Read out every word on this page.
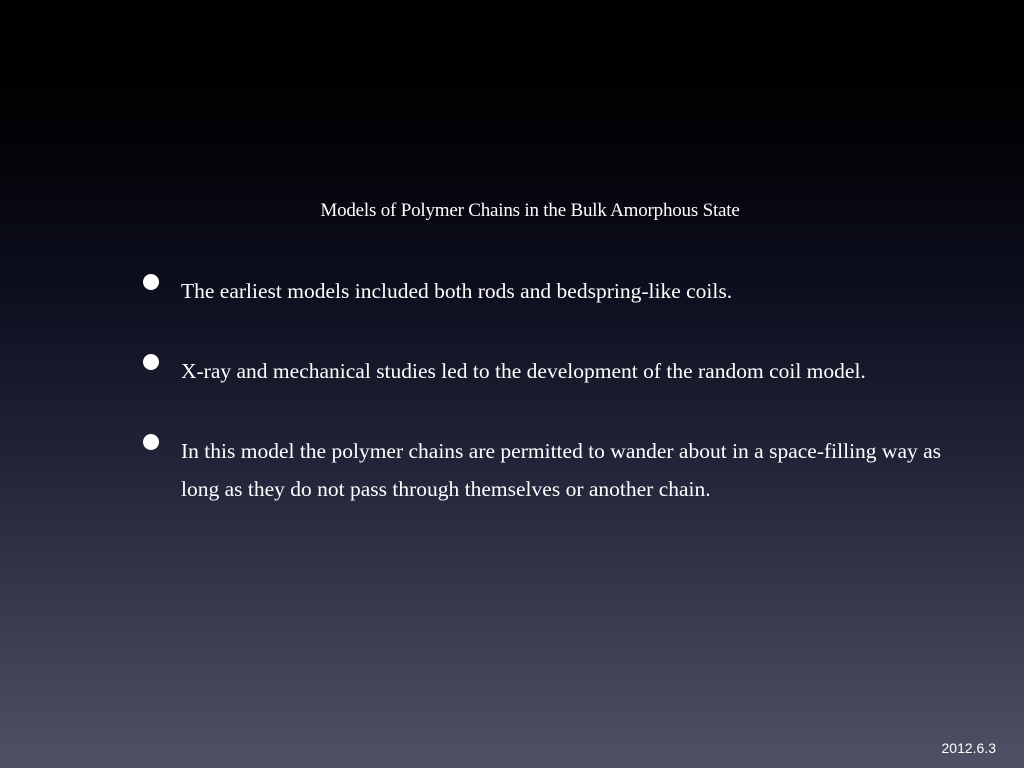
Models of Polymer Chains in the Bulk Amorphous State
The earliest models included both rods and bedspring-like coils.
X-ray and mechanical studies led to the development of the random coil model.
In this model the polymer chains are permitted to wander about in a space-filling way as long as they do not pass through themselves or another chain.
2012.6.3
